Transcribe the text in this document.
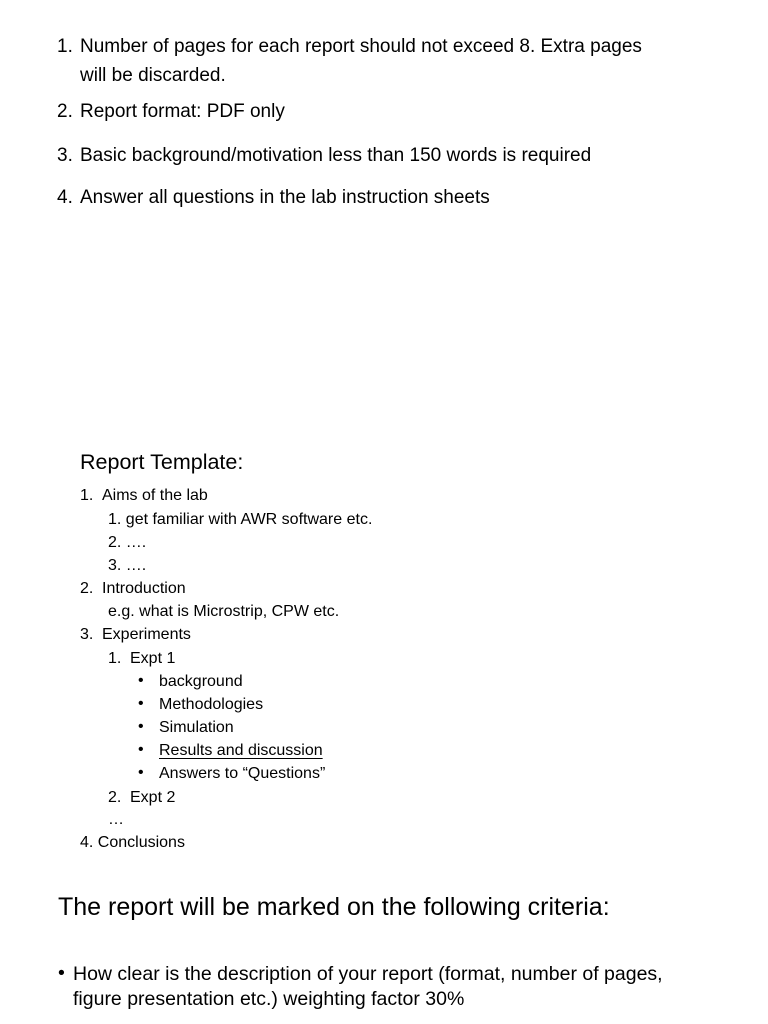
1. Number of pages for each report should not exceed 8. Extra pages
will be discarded.
2. Report format: PDF only
3. Basic background/motivation less than 150 words is required
4. Answer all questions in the lab instruction sheets
Report Template:
1. Aims of the lab
1. get familiar with AWR software etc.
2. ….
3. ….
2. Introduction
e.g. what is Microstrip, CPW etc.
3. Experiments
1. Expt 1
• background
• Methodologies
• Simulation
• Results and discussion
• Answers to “Questions”
2. Expt 2
…
4. Conclusions
The report will be marked on the following criteria:
• How clear is the description of your report (format, number of pages,
figure presentation etc.) weighting factor 30%
